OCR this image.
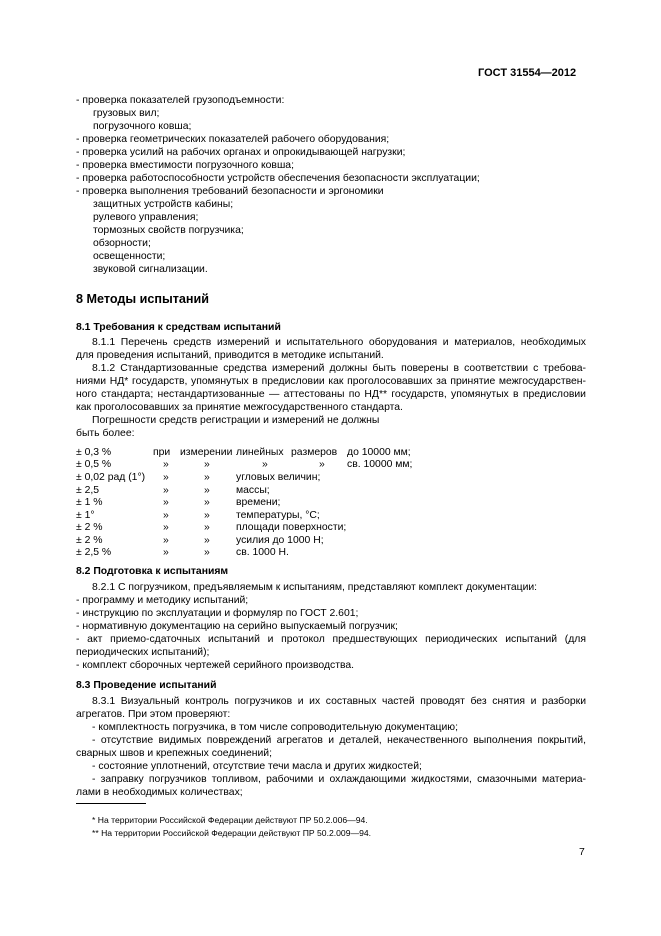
ГОСТ 31554—2012
- проверка показателей грузоподъемности:
грузовых вил;
погрузочного ковша;
- проверка геометрических показателей рабочего оборудования;
- проверка усилий на рабочих органах и опрокидывающей нагрузки;
- проверка вместимости погрузочного ковша;
- проверка работоспособности устройств обеспечения безопасности эксплуатации;
- проверка выполнения требований безопасности и эргономики
защитных устройств кабины;
рулевого управления;
тормозных свойств погрузчика;
обзорности;
освещенности;
звуковой сигнализации.
8 Методы испытаний
8.1 Требования к средствам испытаний
8.1.1 Перечень средств измерений и испытательного оборудования и материалов, необходимых
для проведения испытаний, приводится в методике испытаний.
8.1.2 Стандартизованные средства измерений должны быть поверены в соответствии с требова-
ниями НД* государств, упомянутых в предисловии как проголосовавших за принятие межгосударствен-
ного стандарта; нестандартизованные — аттестованы по НД** государств, упомянутых в предисловии
как проголосовавших за принятие межгосударственного стандарта.
Погрешности средств регистрации и измерений не должны
быть более:
± 0,3 %	при измерении линейных размеров до 10000 мм;
± 0,5 %	»	»	»	» св. 10000 мм;
± 0,02 рад (1°) »	»	угловых величин;
± 2,5	»	»	массы;
± 1 %	»	»	времени;
± 1°	»	»	температуры, °С;
± 2 %	»	»	площади поверхности;
± 2 %	»	»	усилия до 1000 Н;
± 2,5 %	»	»	св. 1000 Н.
8.2 Подготовка к испытаниям
8.2.1 С погрузчиком, предъявляемым к испытаниям, представляют комплект документации:
- программу и методику испытаний;
- инструкцию по эксплуатации и формуляр по ГОСТ 2.601;
- нормативную документацию на серийно выпускаемый погрузчик;
- акт приемо-сдаточных испытаний и протокол предшествующих периодических испытаний (для
периодических испытаний);
- комплект сборочных чертежей серийного производства.
8.3 Проведение испытаний
8.3.1 Визуальный контроль погрузчиков и их составных частей проводят без снятия и разборки
агрегатов. При этом проверяют:
- комплектность погрузчика, в том числе сопроводительную документацию;
- отсутствие видимых повреждений агрегатов и деталей, некачественного выполнения покрытий,
сварных швов и крепежных соединений;
- состояние уплотнений, отсутствие течи масла и других жидкостей;
- заправку погрузчиков топливом, рабочими и охлаждающими жидкостями, смазочными материа-
лами в необходимых количествах;
* На территории Российской Федерации действуют ПР 50.2.006—94.
** На территории Российской Федерации действуют ПР 50.2.009—94.
7
